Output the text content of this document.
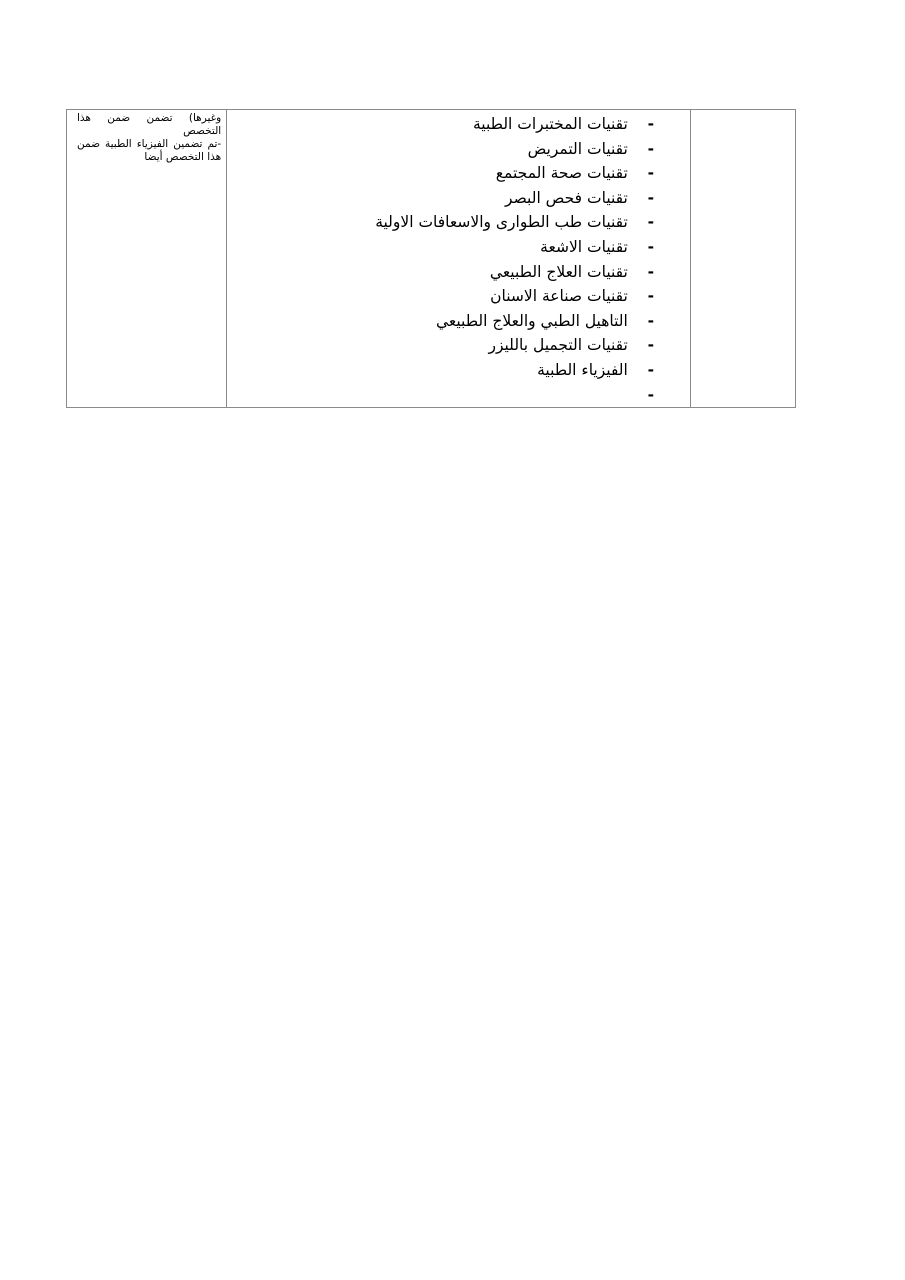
وغيرها) تضمن ضمن هذا التخصص

-تم تضمين الفيزياء الطبية ضمن هذا التخصص أيضا

-
تقنيات المختبرات الطبية
-
تقنيات التمريض
-
تقنيات صحة المجتمع
-
تقنيات فحص البصر
-
تقنيات طب الطوارى والاسعافات الاولية
-
تقنيات الاشعة
-
تقنيات العلاج الطبيعي
-
تقنيات صناعة الاسنان
-
التاهيل الطبي والعلاج الطبيعي
-
تقنيات التجميل بالليزر
-
الفيزياء الطبية
-
